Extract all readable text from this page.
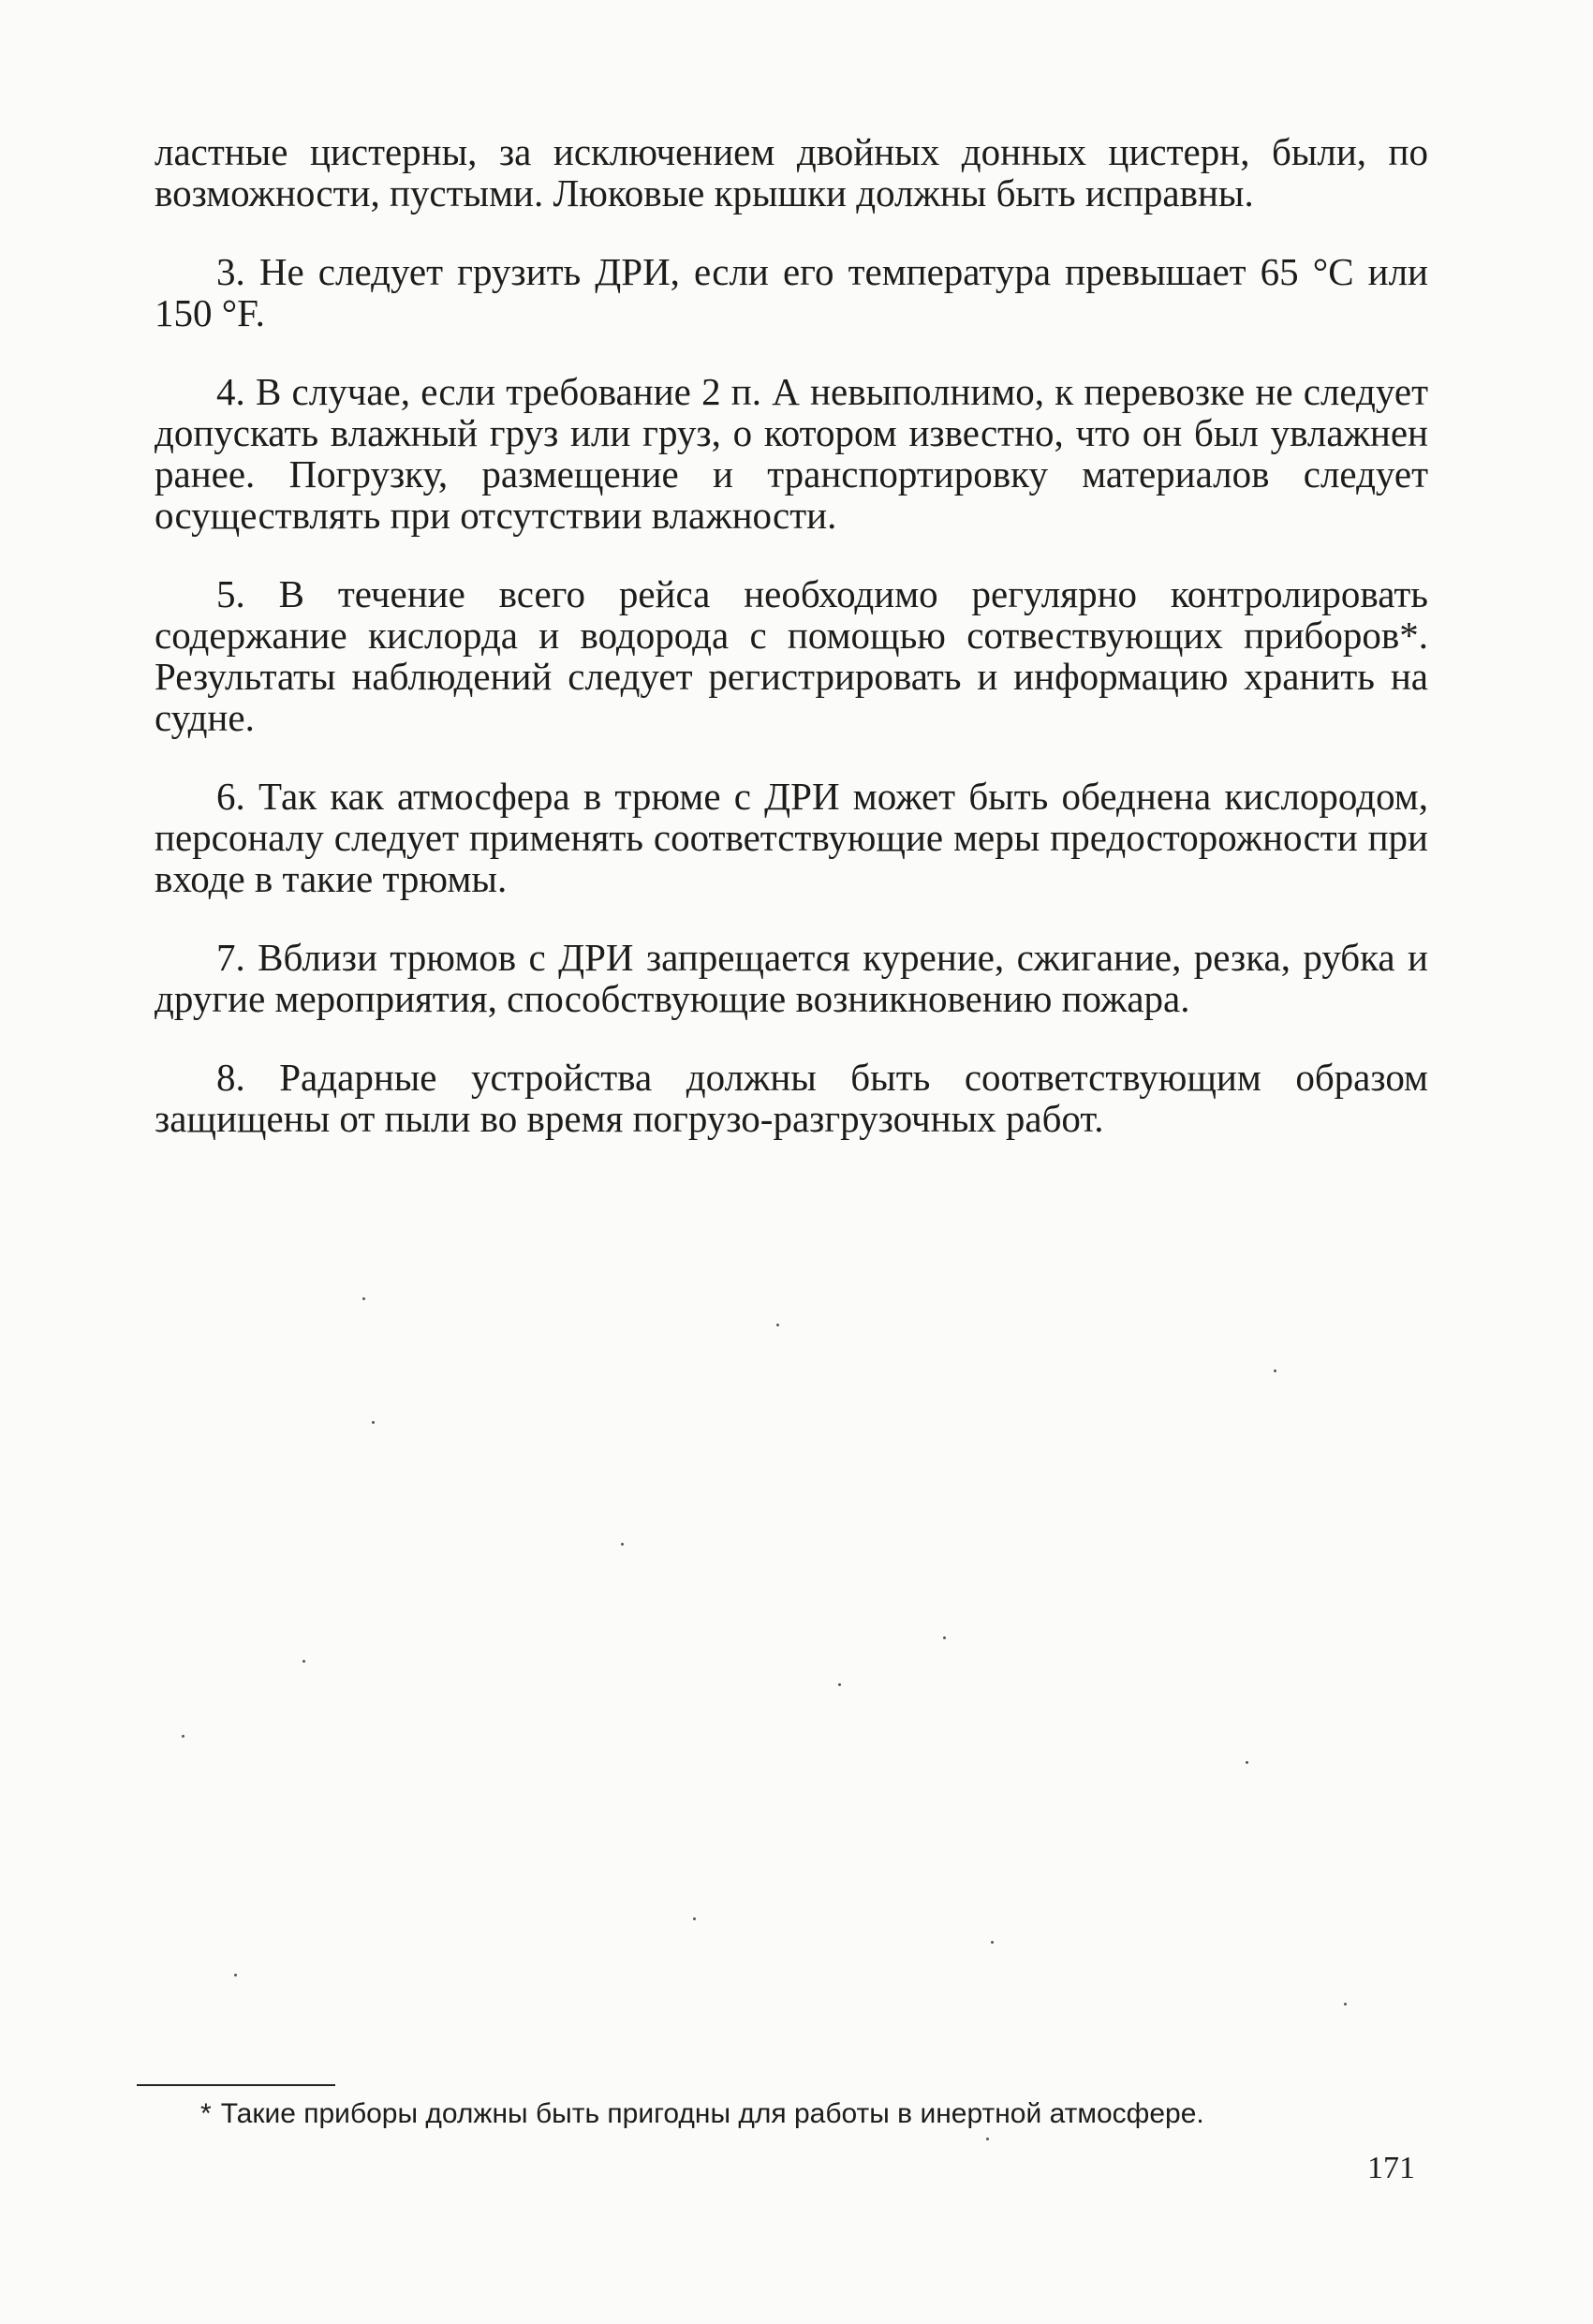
ластные цистерны, за исключением двойных донных цистерн, были, по возможности, пустыми. Люковые крышки должны быть исправны.

3. Не следует грузить ДРИ, если его температура превышает 65 °C или 150 °F.

4. В случае, если требование 2 п. А невыполнимо, к перевозке не следует допускать влажный груз или груз, о котором известно, что он был увлажнен ранее. Погрузку, размещение и транспортировку материалов следует осуществлять при отсутствии влажности.

5. В течение всего рейса необходимо регулярно контролировать содержание кислорда и водорода с помощью сотвествующих приборов*. Результаты наблюдений следует регистрировать и информацию хранить на судне.

6. Так как атмосфера в трюме с ДРИ может быть обеднена кислородом, персоналу следует применять соответствующие меры предосторожности при входе в такие трюмы.

7. Вблизи трюмов с ДРИ запрещается курение, сжигание, резка, рубка и другие мероприятия, способствующие возникновению пожара.

8. Радарные устройства должны быть соответствующим образом защищены от пыли во время погрузо-разгрузочных работ.

* Такие приборы должны быть пригодны для работы в инертной атмосфере.
171
